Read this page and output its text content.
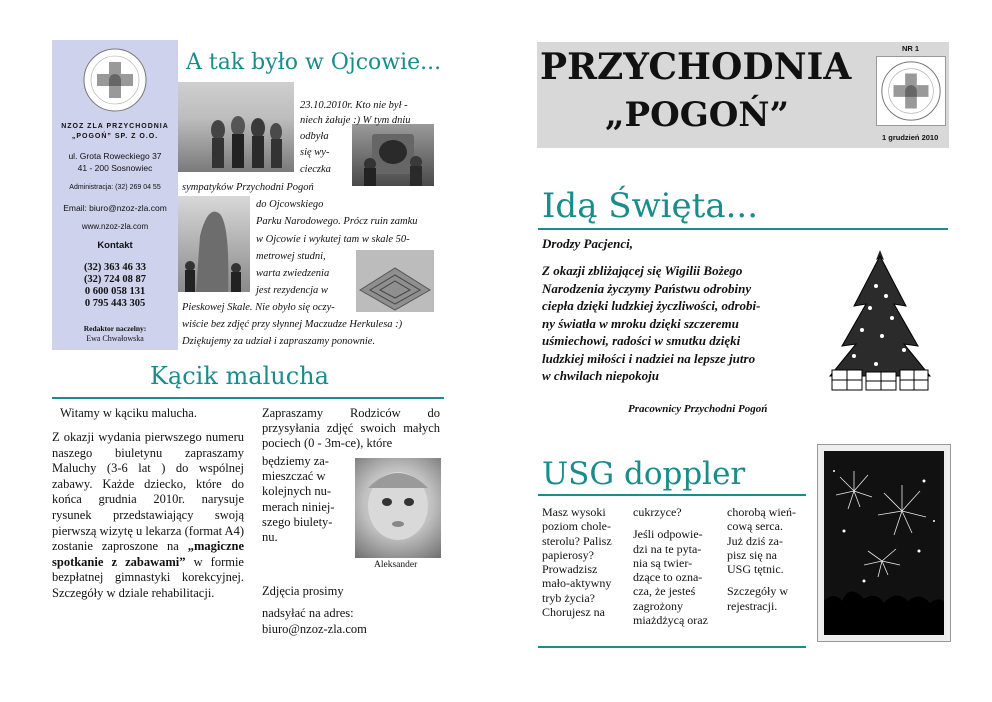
NZOZ ZLA PRZYCHODNIA
„POGOŃ” SP. Z O.O.
ul. Grota Roweckiego 37
41 - 200 Sosnowiec
Administracja: (32) 269 04 55
Email: biuro@nzoz-zla.com
www.nzoz-zla.com
Kontakt
(32) 363 46 33
(32) 724 08 87
0 600 058 131
0 795 443 305
Redaktor naczelny:
Ewa Chwałowska
A tak było w Ojcowie...
23.10.2010r. Kto nie był -
niech żałuje :) W tym dniu
odbyła
się wy-
cieczka
sympatyków Przychodni Pogoń
do Ojcowskiego
Parku Narodowego. Prócz ruin zamku
w Ojcowie i wykutej tam w skale 50-
metrowej studni,
warta zwiedzenia
jest rezydencja w
Pieskowej Skale. Nie obyło się oczy-
wiście bez zdjęć przy słynnej Maczudze Herkulesa :)
Dziękujemy za udział i zapraszamy ponownie.
Kącik malucha
Witamy w kąciku malucha.
Z okazji wydania pierwszego numeru naszego biuletynu zapraszamy Maluchy (3-6 lat ) do wspólnej zabawy. Każde dziecko, które do końca grudnia 2010r. narysuje rysunek przedstawiający swoją pierwszą wizytę u lekarza (format A4) zostanie zaproszone na „magiczne spotkanie z zabawami” w formie bezpłatnej gimnastyki korekcyjnej. Szczegóły w dziale rehabilitacji.
Zapraszamy Rodziców do przysyłania zdjęć swoich małych pociech (0 - 3m-ce), które
będziemy za-
mieszczać w
kolejnych nu-
merach niniej-
szego biulety-
nu.
Aleksander
Zdjęcia prosimy
nadsyłać na adres:
biuro@nzoz-zla.com
PRZYCHODNIA
„POGOŃ”
NR 1
1 grudzień 2010
Idą Święta...
Drodzy Pacjenci,
Z okazji zbliżającej się Wigilii Bożego
Narodzenia życzymy Państwu odrobiny
ciepła dzięki ludzkiej życzliwości, odrobi-
ny światła w mroku dzięki szczeremu
uśmiechowi, radości w smutku dzięki
ludzkiej miłości i nadziei na lepsze jutro
w chwilach niepokoju
Pracownicy Przychodni Pogoń
USG doppler
Masz wysoki
poziom chole-
sterolu? Palisz
papierosy?
Prowadzisz
mało-aktywny
tryb życia?
Chorujesz na
cukrzyce?
Jeśli odpowie-
dzi na te pyta-
nia są twier-
dzące to ozna-
cza, że jesteś
zagrożony
miażdżycą oraz
chorobą wień-
cową serca.
Już dziś za-
pisz się na
USG tętnic.
Szczegóły w
rejestracji.
